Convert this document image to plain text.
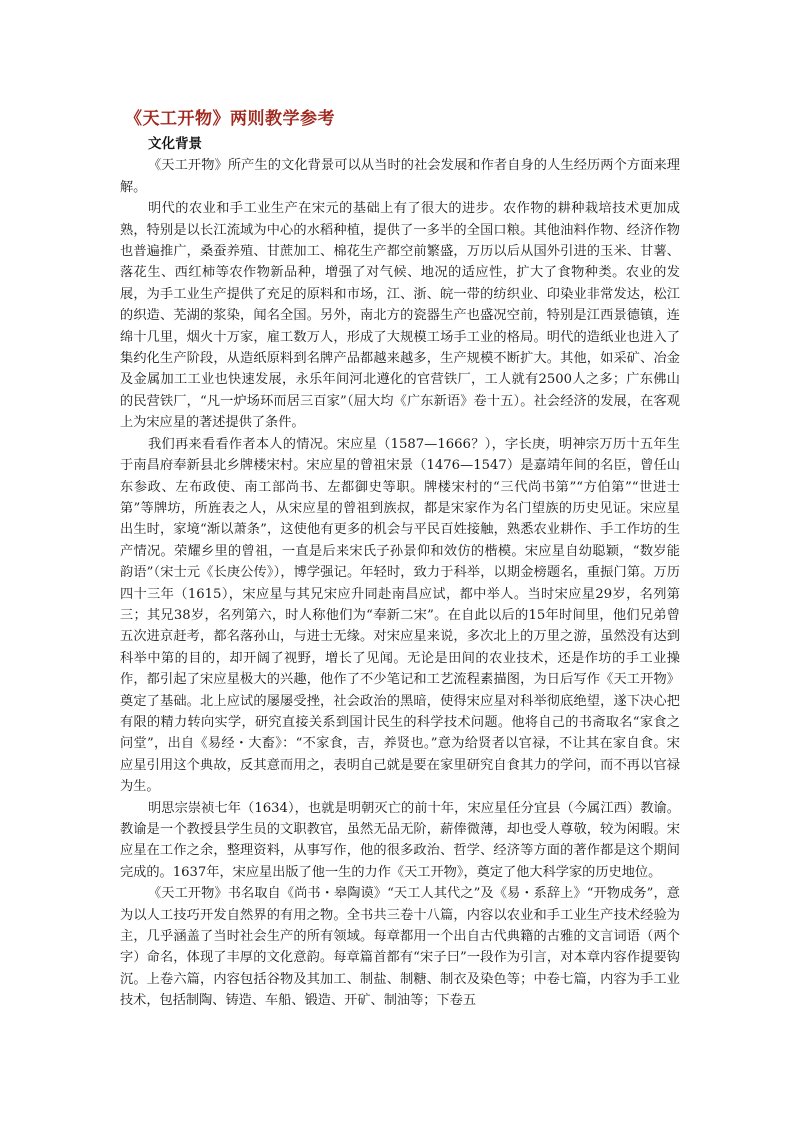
《天工开物》两则教学参考
文化背景

《天工开物》所产生的文化背景可以从当时的社会发展和作者自身的人生经历两个方面来理解。

明代的农业和手工业生产在宋元的基础上有了很大的进步。农作物的耕种栽培技术更加成熟，特别是以长江流域为中心的水稻种植，提供了一多半的全国口粮。其他油料作物、经济作物也普遍推广，桑蚕养殖、甘蔗加工、棉花生产都空前繁盛，万历以后从国外引进的玉米、甘薯、落花生、西红柿等农作物新品种，增强了对气候、地况的适应性，扩大了食物种类。农业的发展，为手工业生产提供了充足的原料和市场，江、浙、皖一带的纺织业、印染业非常发达，松江的织造、芜湖的浆染，闻名全国。另外，南北方的瓷器生产也盛况空前，特别是江西景德镇，连绵十几里，烟火十万家，雇工数万人，形成了大规模工场手工业的格局。明代的造纸业也进入了集约化生产阶段，从造纸原料到名牌产品都越来越多，生产规模不断扩大。其他，如采矿、冶金及金属加工工业也快速发展，永乐年间河北遵化的官营铁厂，工人就有2500人之多；广东佛山的民营铁厂，“凡一炉场环而居三百家”（屈大均《广东新语》卷十五）。社会经济的发展，在客观上为宋应星的著述提供了条件。

我们再来看看作者本人的情况。宋应星（1587—1666？），字长庚，明神宗万历十五年生于南昌府奉新县北乡牌楼宋村。宋应星的曾祖宋景（1476—1547）是嘉靖年间的名臣，曾任山东参政、左布政使、南工部尚书、左都御史等职。牌楼宋村的“三代尚书第”“方伯第”“世进士第”等牌坊，所旌表之人，从宋应星的曾祖到族叔，都是宋家作为名门望族的历史见证。宋应星出生时，家境“渐以萧条”，这使他有更多的机会与平民百姓接触，熟悉农业耕作、手工作坊的生产情况。荣耀乡里的曾祖，一直是后来宋氏子孙景仰和效仿的楷模。宋应星自幼聪颖，“数岁能韵语”（宋士元《长庚公传》），博学强记。年轻时，致力于科举，以期金榜题名，重振门第。万历四十三年（1615），宋应星与其兄宋应升同赴南昌应试，都中举人。当时宋应星29岁，名列第三；其兄38岁，名列第六，时人称他们为“奉新二宋”。在自此以后的15年时间里，他们兄弟曾五次进京赶考，都名落孙山，与进士无缘。对宋应星来说，多次北上的万里之游，虽然没有达到科举中第的目的，却开阔了视野，增长了见闻。无论是田间的农业技术，还是作坊的手工业操作，都引起了宋应星极大的兴趣，他作了不少笔记和工艺流程素描图，为日后写作《天工开物》奠定了基础。北上应试的屡屡受挫，社会政治的黑暗，使得宋应星对科举彻底绝望，遂下决心把有限的精力转向实学，研究直接关系到国计民生的科学技术问题。他将自己的书斋取名“家食之问堂”，出自《易经・大畜》：“不家食，吉，养贤也。”意为给贤者以官禄，不让其在家自食。宋应星引用这个典故，反其意而用之，表明自己就是要在家里研究自食其力的学问，而不再以官禄为生。

明思宗崇祯七年（1634），也就是明朝灭亡的前十年，宋应星任分宜县（今属江西）教谕。教谕是一个教授县学生员的文职教官，虽然无品无阶，薪俸微薄，却也受人尊敬，较为闲暇。宋应星在工作之余，整理资料，从事写作，他的很多政治、哲学、经济等方面的著作都是这个期间完成的。1637年，宋应星出版了他一生的力作《天工开物》，奠定了他大科学家的历史地位。

《天工开物》书名取自《尚书・皋陶谟》“天工人其代之”及《易・系辞上》“开物成务”，意为以人工技巧开发自然界的有用之物。全书共三卷十八篇，内容以农业和手工业生产技术经验为主，几乎涵盖了当时社会生产的所有领域。每章都用一个出自古代典籍的古雅的文言词语（两个字）命名，体现了丰厚的文化意韵。每章篇首都有“宋子曰”一段作为引言，对本章内容作提要钩沉。上卷六篇，内容包括谷物及其加工、制盐、制糖、制衣及染色等；中卷七篇，内容为手工业技术，包括制陶、铸造、车船、锻造、开矿、制油等；下卷五
